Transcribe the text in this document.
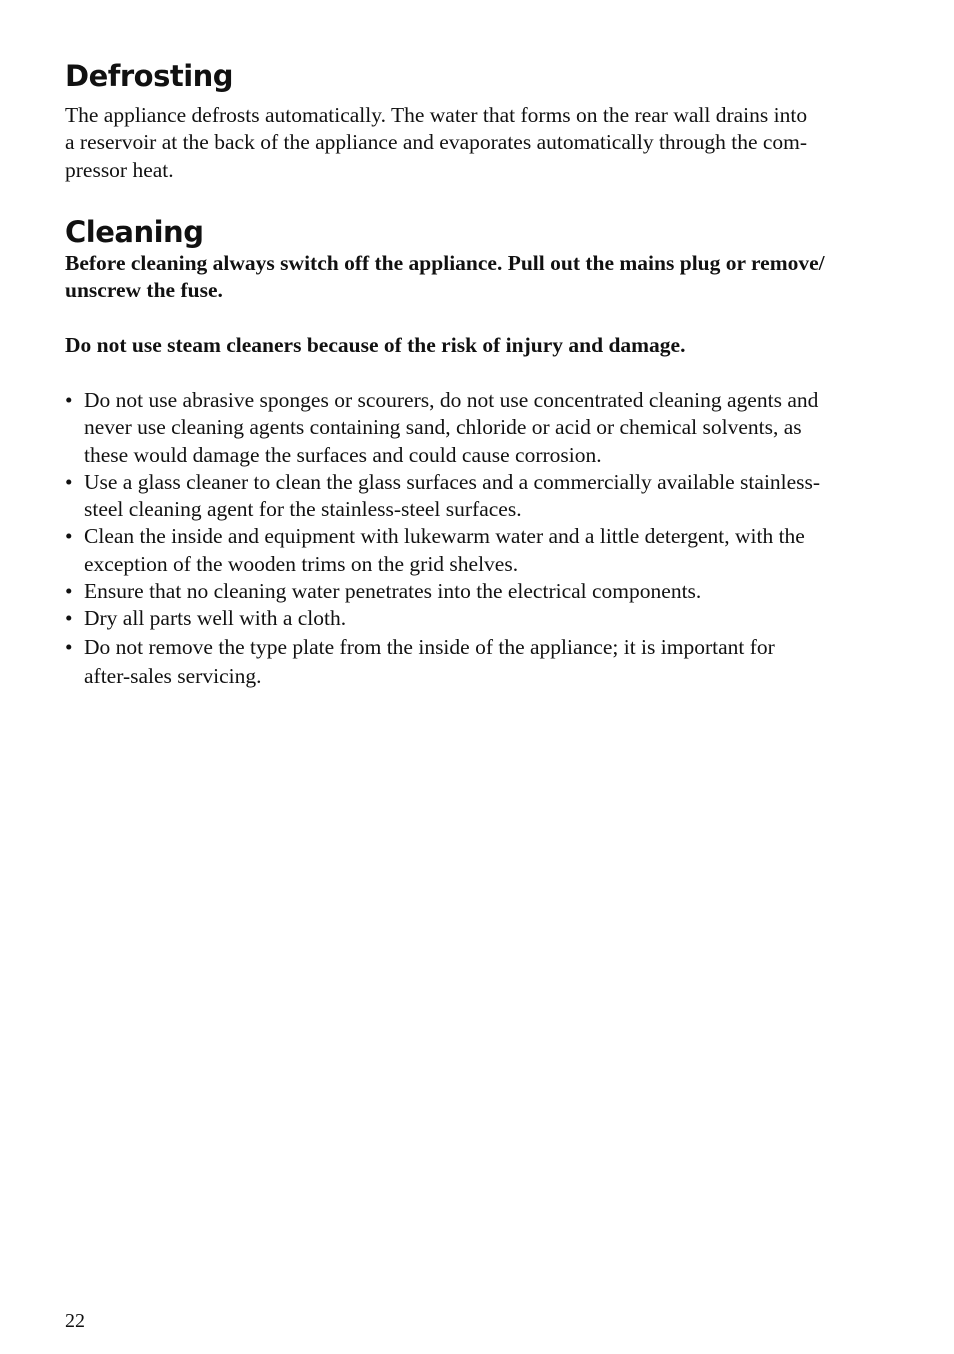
Defrosting

The appliance defrosts automatically. The water that forms on the rear wall drains into
a reservoir at the back of the appliance and evaporates automatically through the com-
pressor heat.

Cleaning

Before cleaning always switch off the appliance. Pull out the mains plug or remove/
unscrew the fuse.

Do not use steam cleaners because of the risk of injury and damage.

• Do not use abrasive sponges or scourers, do not use concentrated cleaning agents and
never use cleaning agents containing sand, chloride or acid or chemical solvents, as
these would damage the surfaces and could cause corrosion.
• Use a glass cleaner to clean the glass surfaces and a commercially available stainless-
steel cleaning agent for the stainless-steel surfaces.
• Clean the inside and equipment with lukewarm water and a little detergent, with the
exception of the wooden trims on the grid shelves.
• Ensure that no cleaning water penetrates into the electrical components.
• Dry all parts well with a cloth.
• Do not remove the type plate from the inside of the appliance; it is important for
after-sales servicing.
22
